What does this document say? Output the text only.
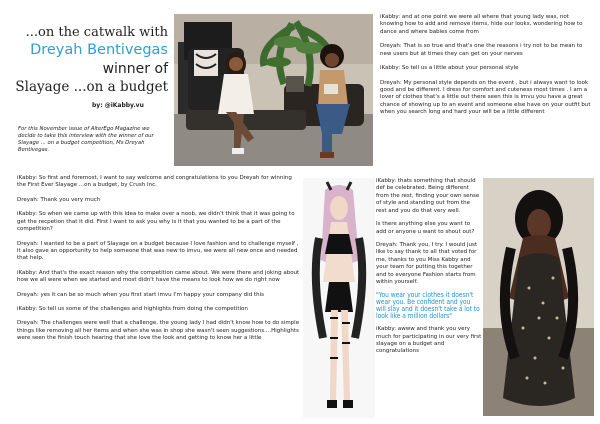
...on the catwalk with
Dreyah Bentivegas
winner of
Slayage ...on a budget
by: @iKabby.vu
For this November issue of AlterEgo Magazine we decide to take this interview with the winner of our Slayage ... on a budget competition, Ms Dreyah Bentivegas.

iKabby: and at one point we were all where that young lady was, not knowing how to add and remove items, hide our looks, wondering how to dance and where babies come from

Dreyah: That is so true and that's one the reasons i try not to be mean to new users but at times they can get on your nerves

iKabby: So tell us a little about your personal style

Dreyah: My personal style depends on the event , but i always want to look good and be different. I dress for comfort and cuteness most times . I am a lover of clothes that's a little out there seen this is imvu you have a great chance of showing up to an event and someone else have on your outfit but when you search long and hard your will be a little different

iKabby: So first and foremost, I want to say welcome and congratulations to you Dreyah for winning the First Ever Slayage ...on a budget, by Crush Inc.

Dreyah: Thank you very much

iKabby: So when we came up with this idea to make over a noob, we didn't think that it was going to get the recpetion that it did. First I want to ask you why is it that you wanted to be a part of the competition?

Dreyah: I wanted to be a part of Slayage on a budget because I love fashion and to challenge myself , it also gave an opportunity to help someone that was new to imvu, we were all new once and needed that help.

iKabby: And that's the exact reason why the competition came about. We were there and joking about how we all were when we started and most didn't have the means to look how we do right now

Dreyah: yes it can be so much when you first start imvu I'm happy your company did this

iKabby: So tell us some of the challenges and highlights from doing the competition

Dreyah: The challenges were well that a challenge, the young lady I had didn't know how to do simple things like removing all her items and when she was in shop she wasn't seen suggestions....Highlights were seen the finish touch hearing that she love the look and getting to know her a little

iKabby: thats something that should def be celebrated. Being different from the rest, finding your own sense of style and standing out from the rest and you do that very well.

Is there anything else you want to add or anyone u want to shout out?

Dreyah: Thank you, I try. I would just like to say thank to all that voted for me, thanks to you Miss Kabby and your team for putting this together and to everyone Fashion starts from within yourself.

"You wear your clothes it doesn't wear you. Be confident and you will slay and it doesn't take a lot to look like a million dollars"

iKabby: awww and thank you very much for participating in our very first slayage on a budget and congratulations
